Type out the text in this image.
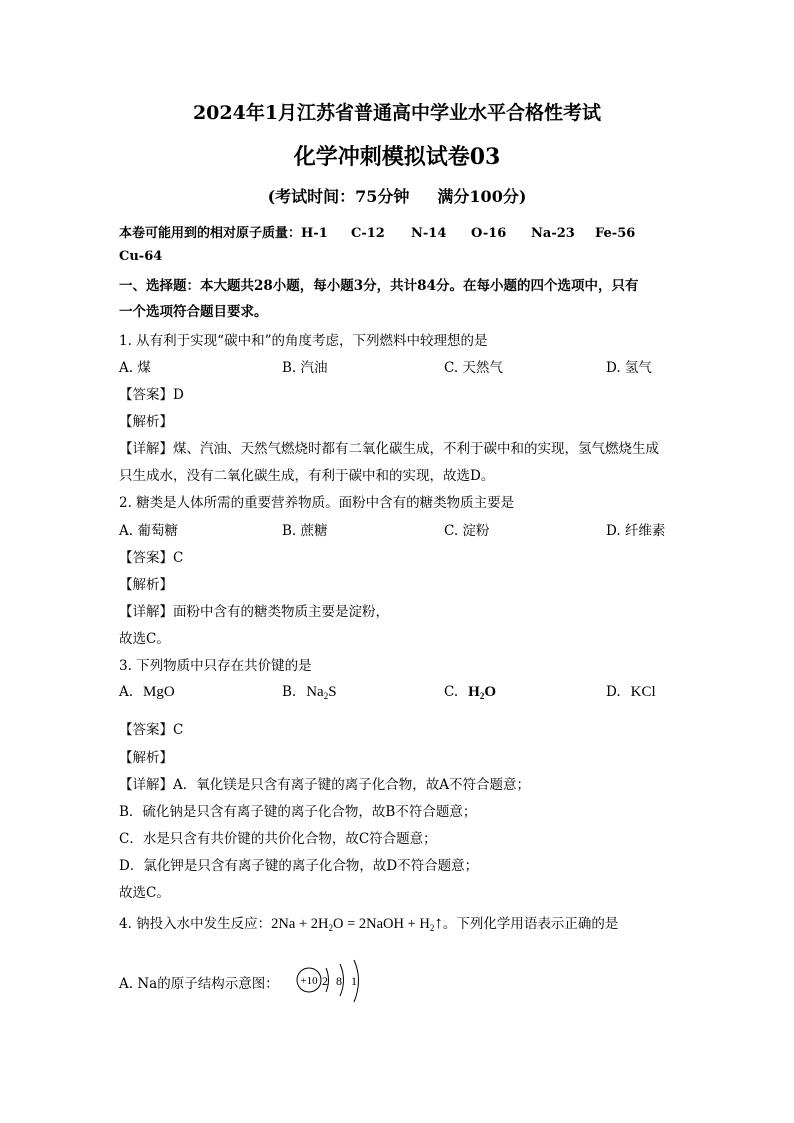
2024年1月江苏省普通高中学业水平合格性考试
化学冲刺模拟试卷03
(考试时间：75分钟 满分100分)
本卷可能用到的相对原子质量：H-1 C-12 N-14 O-16 Na-23 Fe-56
Cu-64
一、选择题：本大题共28小题，每小题3分，共计84分。在每小题的四个选项中，只有
一个选项符合题目要求。
1. 从有利于实现“碳中和”的角度考虑，下列燃料中较理想的是
A. 煤	B. 汽油	C. 天然气	D. 氢气
【答案】D
【解析】
【详解】煤、汽油、天然气燃烧时都有二氧化碳生成，不利于碳中和的实现，氢气燃烧生成
只生成水，没有二氧化碳生成，有利于碳中和的实现，故选D。
2. 糖类是人体所需的重要营养物质。面粉中含有的糖类物质主要是
A. 葡萄糖	B. 蔗糖	C. 淀粉	D. 纤维素
【答案】C
【解析】
【详解】面粉中含有的糖类物质主要是淀粉，
故选C。
3. 下列物质中只存在共价键的是
A. MgO	B. $Na_2S$	C. $H_2O$	D. KCl
【答案】C
【解析】
【详解】A．氧化镁是只含有离子键的离子化合物，故A不符合题意；
B．硫化钠是只含有离子键的离子化合物，故B不符合题意；
C．水是只含有共价键的共价化合物，故C符合题意；
D．氯化钾是只含有离子键的离子化合物，故D不符合题意；
故选C。
4. 钠投入水中发生反应：$2Na + 2H_2O$ = 2NaOH + $H_2↑$。下列化学用语表示正确的是
A. Na的原子结构示意图： +10 2 8 1
